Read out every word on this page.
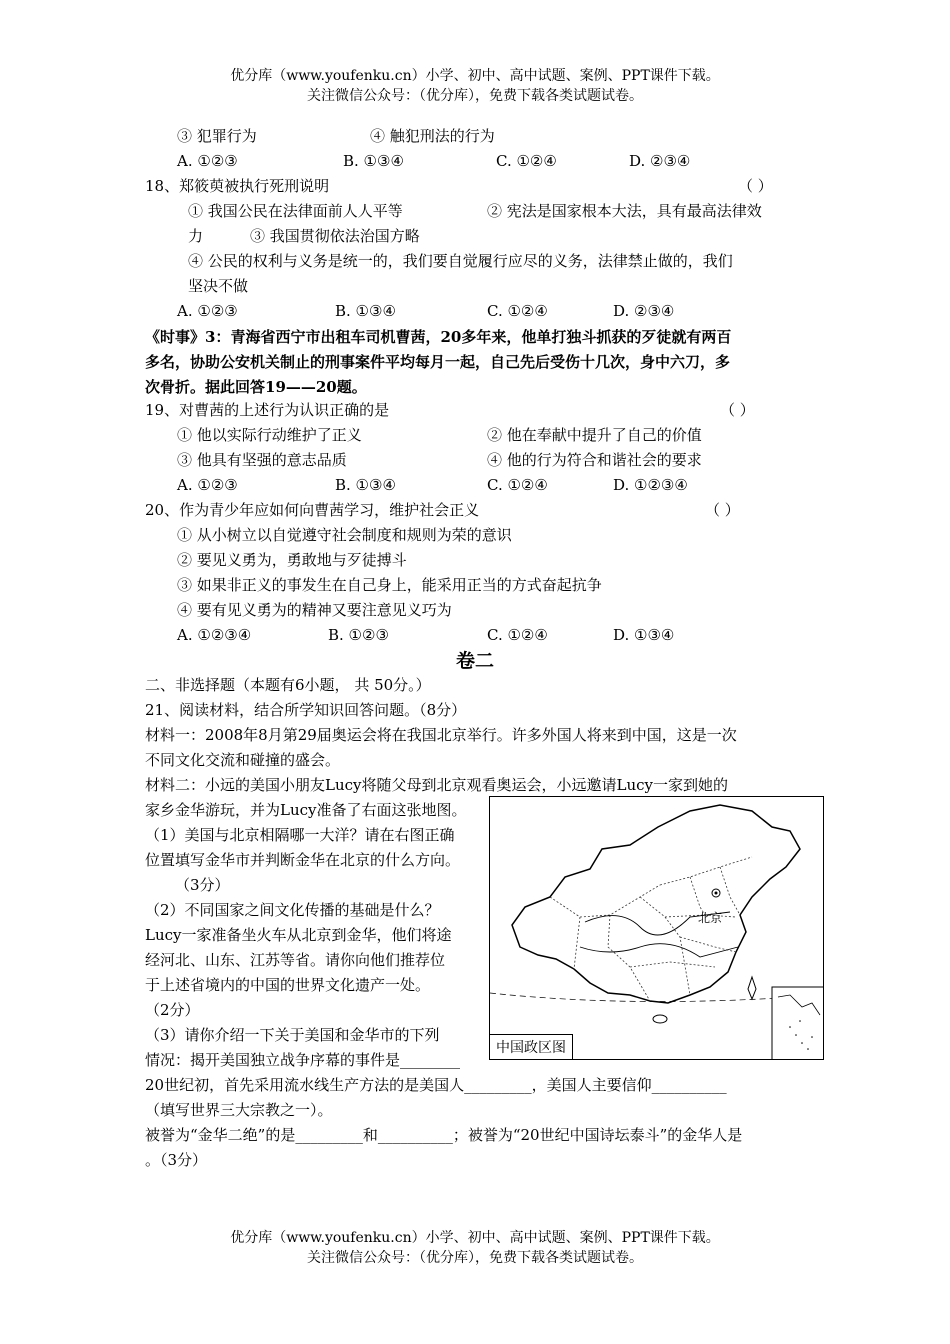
优分库（www.youfenku.cn）小学、初中、高中试题、案例、PPT课件下载。
关注微信公众号：（优分库），免费下载各类试题试卷。
③ 犯罪行为	④ 触犯刑法的行为
A. ①②③	B. ①③④	C. ①②④	D. ②③④
18、郑筱萸被执行死刑说明	（ ）
① 我国公民在法律面前人人平等	② 宪法是国家根本大法，具有最高法律效
力	③ 我国贯彻依法治国方略
④ 公民的权利与义务是统一的，我们要自觉履行应尽的义务，法律禁止做的，我们
坚决不做
A. ①②③	B. ①③④	C. ①②④	D. ②③④
《时事》3：青海省西宁市出租车司机曹茜，20多年来，他单打独斗抓获的歹徒就有两百
多名，协助公安机关制止的刑事案件平均每月一起，自己先后受伤十几次，身中六刀，多
次骨折。据此回答19——20题。
19、对曹茜的上述行为认识正确的是	（ ）
① 他以实际行动维护了正义	② 他在奉献中提升了自己的价值
③ 他具有坚强的意志品质	④ 他的行为符合和谐社会的要求
A. ①②③	B. ①③④	C. ①②④	D. ①②③④
20、作为青少年应如何向曹茜学习，维护社会正义	（ ）
① 从小树立以自觉遵守社会制度和规则为荣的意识
② 要见义勇为，勇敢地与歹徒搏斗
③ 如果非正义的事发生在自己身上，能采用正当的方式奋起抗争
④ 要有见义勇为的精神又要注意见义巧为
A. ①②③④	B. ①②③	C. ①②④	D. ①③④
卷二
二、非选择题（本题有6小题， 共 50分。）
21、阅读材料，结合所学知识回答问题。（8分）
材料一：2008年8月第29届奥运会将在我国北京举行。许多外国人将来到中国，这是一次
不同文化交流和碰撞的盛会。
材料二：小远的美国小朋友Lucy将随父母到北京观看奥运会，小远邀请Lucy一家到她的
家乡金华游玩，并为Lucy准备了右面这张地图。
（1）美国与北京相隔哪一大洋？请在右图正确
位置填写金华市并判断金华在北京的什么方向。
（3分）
（2）不同国家之间文化传播的基础是什么？
Lucy一家准备坐火车从北京到金华，他们将途
经河北、山东、江苏等省。请你向他们推荐位
于上述省境内的中国的世界文化遗产一处。
（2分）
（3）请你介绍一下关于美国和金华市的下列
情况：揭开美国独立战争序幕的事件是________
20世纪初，首先采用流水线生产方法的是美国人_________，美国人主要信仰__________
（填写世界三大宗教之一）。
被誉为“金华二绝”的是_________和__________；被誉为“20世纪中国诗坛泰斗”的金华人是
。（3分）
北京
中国政区图
优分库（www.youfenku.cn）小学、初中、高中试题、案例、PPT课件下载。
关注微信公众号：（优分库），免费下载各类试题试卷。
